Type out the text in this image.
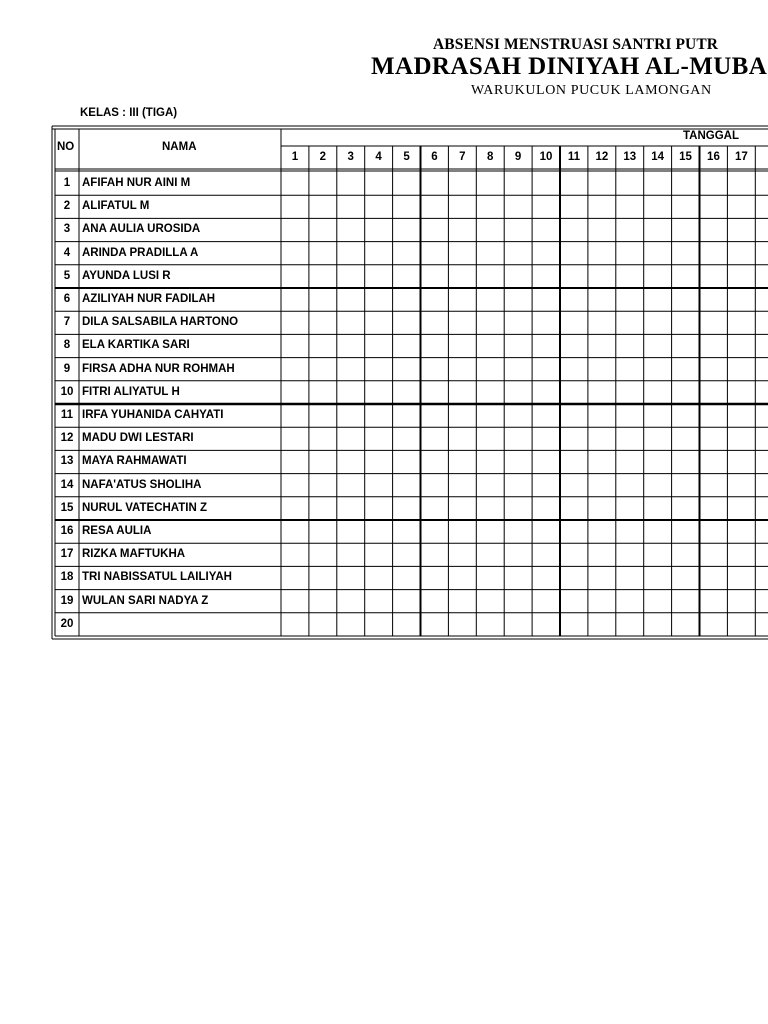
ABSENSI MENSTRUASI SANTRI PUTR
MADRASAH DINIYAH AL-MUBA
WARUKULON PUCUK LAMONGAN
KELAS : III (TIGA)
NO	NAMA
TANGGAL
1	2	3	4	5	6	7	8	9	10	11	12	13	14	15	16	17
1	AFIFAH NUR AINI M
2	ALIFATUL M
3	ANA AULIA UROSIDA
4	ARINDA PRADILLA A
5	AYUNDA LUSI R
6	AZILIYAH NUR FADILAH
7	DILA SALSABILA HARTONO
8	ELA KARTIKA SARI
9	FIRSA ADHA NUR ROHMAH
10 FITRI ALIYATUL H
11 IRFA YUHANIDA CAHYATI
12 MADU DWI LESTARI
13 MAYA RAHMAWATI
14 NAFA'ATUS SHOLIHA
15 NURUL VATECHATIN Z
16 RESA AULIA
17 RIZKA MAFTUKHA
18 TRI NABISSATUL LAILIYAH
19 WULAN SARI NADYA Z
20
